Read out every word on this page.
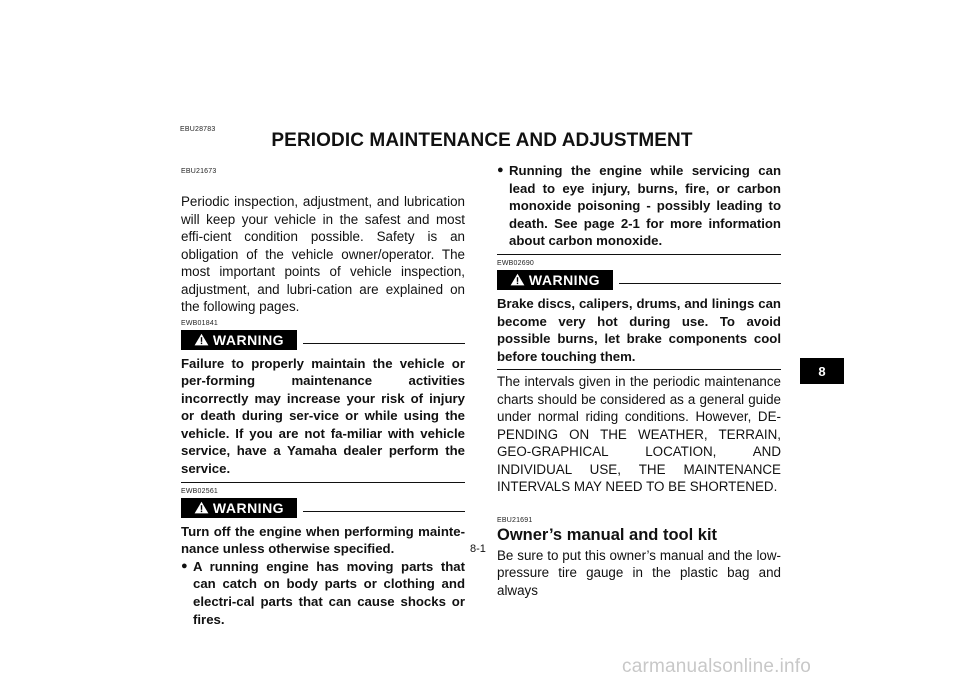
EBU28783
PERIODIC MAINTENANCE AND ADJUSTMENT
EBU21673

Periodic inspection, adjustment, and lubrication will keep your vehicle in the safest and most effi-cient condition possible. Safety is an obligation of the vehicle owner/operator. The most important points of vehicle inspection, adjustment, and lubri-cation are explained on the following pages.

EWB01841
WARNING

Failure to properly maintain the vehicle or per-forming maintenance activities incorrectly may increase your risk of injury or death during ser-vice or while using the vehicle. If you are not fa-miliar with vehicle service, have a Yamaha dealer perform the service.

EWB02561
WARNING

Turn off the engine when performing mainte-nance unless otherwise specified.

● A running engine has moving parts that can catch on body parts or clothing and electri-cal parts that can cause shocks or fires.
● Running the engine while servicing can lead to eye injury, burns, fire, or carbon monoxide poisoning - possibly leading to death. See page 2-1 for more information about carbon monoxide.
EWB02690
WARNING

Brake discs, calipers, drums, and linings can become very hot during use. To avoid possible burns, let brake components cool before touching them.

The intervals given in the periodic maintenance charts should be considered as a general guide under normal riding conditions. However, DE-PENDING ON THE WEATHER, TERRAIN, GEO-GRAPHICAL LOCATION, AND INDIVIDUAL USE, THE MAINTENANCE INTERVALS MAY NEED TO BE SHORTENED.

EBU21691
Owner’s manual and tool kit

Be sure to put this owner’s manual and the low-pressure tire gauge in the plastic bag and always

8-1
8
carmanualsonline.info
